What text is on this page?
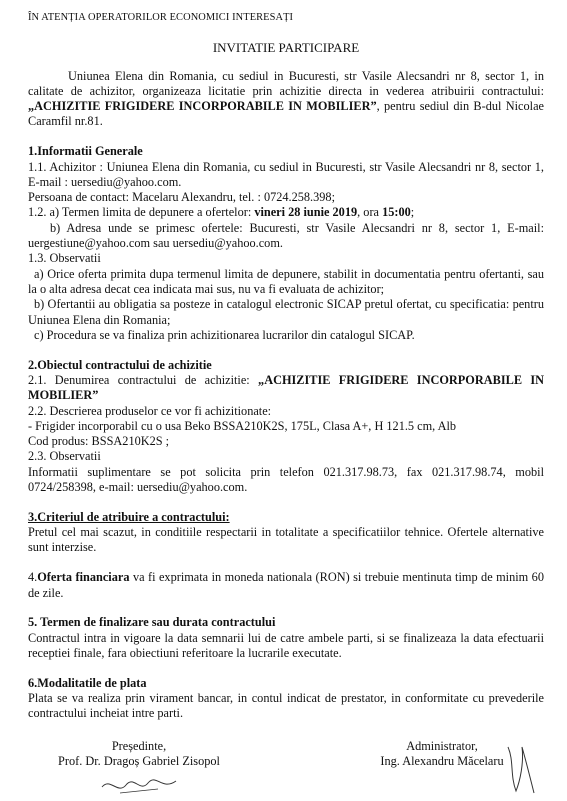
ÎN ATENȚIA OPERATORILOR ECONOMICI INTERESAȚI

INVITATIE PARTICIPARE

Uniunea Elena din Romania, cu sediul in Bucuresti, str Vasile Alecsandri nr 8, sector 1, in calitate de achizitor, organizeaza licitatie prin achizitie directa in vederea atribuirii contractului: „ACHIZITIE FRIGIDERE INCORPORABILE IN MOBILIER”, pentru sediul din B-dul Nicolae Caramfil nr.81.

1.Informatii Generale

1.1. Achizitor : Uniunea Elena din Romania, cu sediul in Bucuresti, str Vasile Alecsandri nr 8, sector 1, E-mail : uersediu@yahoo.com.

Persoana de contact: Macelaru Alexandru, tel. : 0724.258.398;

1.2. a) Termen limita de depunere a ofertelor: vineri 28 iunie 2019, ora 15:00;

b) Adresa unde se primesc ofertele: Bucuresti, str Vasile Alecsandri nr 8, sector 1, E-mail: uergestiune@yahoo.com sau uersediu@yahoo.com.

1.3. Observatii

a) Orice oferta primita dupa termenul limita de depunere, stabilit in documentatia pentru ofertanti, sau la o alta adresa decat cea indicata mai sus, nu va fi evaluata de achizitor;

b) Ofertantii au obligatia sa posteze in catalogul electronic SICAP pretul ofertat, cu specificatia: pentru Uniunea Elena din Romania;

c) Procedura se va finaliza prin achizitionarea lucrarilor din catalogul SICAP.

2.Obiectul contractului de achizitie

2.1. Denumirea contractului de achizitie: „ACHIZITIE FRIGIDERE INCORPORABILE IN MOBILIER”

2.2. Descrierea produselor ce vor fi achizitionate:

- Frigider incorporabil cu o usa Beko BSSA210K2S, 175L, Clasa A+, H 121.5 cm, Alb

Cod produs: BSSA210K2S ;

2.3. Observatii

Informatii suplimentare se pot solicita prin telefon 021.317.98.73, fax 021.317.98.74, mobil 0724/258398, e-mail: uersediu@yahoo.com.

3.Criteriul de atribuire a contractului:

Pretul cel mai scazut, in conditiile respectarii in totalitate a specificatiilor tehnice. Ofertele alternative sunt interzise.

4.Oferta financiara va fi exprimata in moneda nationala (RON) si trebuie mentinuta timp de minim 60 de zile.

5. Termen de finalizare sau durata contractului

Contractul intra in vigoare la data semnarii lui de catre ambele parti, si se finalizeaza la data efectuarii receptiei finale, fara obiectiuni referitoare la lucrarile executate.

6.Modalitatile de plata

Plata se va realiza prin virament bancar, in contul indicat de prestator, in conformitate cu prevederile contractului incheiat intre parti.

Președinte,

Prof. Dr. Dragoș Gabriel Zisopol

Administrator,

Ing. Alexandru Măcelaru
